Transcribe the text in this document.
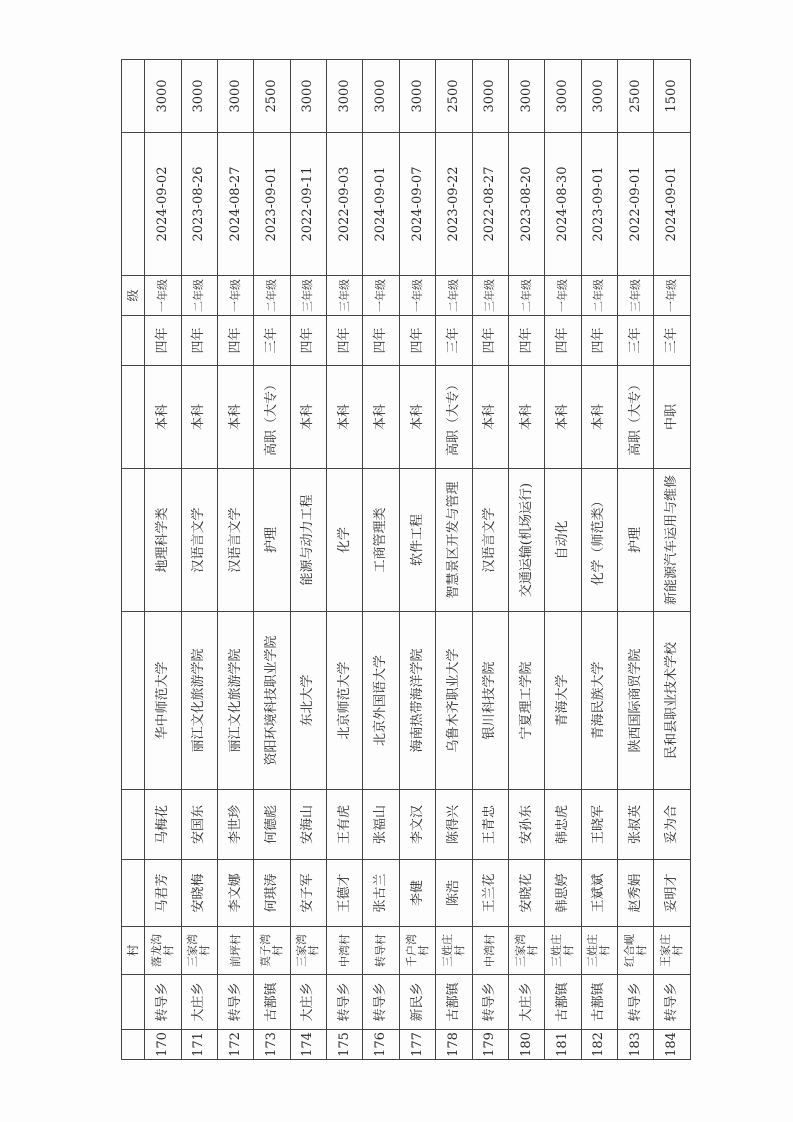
		村							级		
170	转导乡	落龙沟村	马君芳	马梅花	华中师范大学	地理科学类	本科	四年	一年级	2024-09-02	3000
171	大庄乡	三家湾村	安晓梅	安国东	丽江文化旅游学院	汉语言文学	本科	四年	二年级	2023-08-26	3000
172	转导乡	前坪村	李文娜	李世珍	丽江文化旅游学院	汉语言文学	本科	四年	一年级	2024-08-27	3000
173	古鄯镇	莫子湾村	何琪涛	何德彪	资阳环境科技职业学院	护理	高职（大专）	三年	二年级	2023-09-01	2500
174	大庄乡	三家湾村	安子军	安海山	东北大学	能源与动力工程	本科	四年	三年级	2022-09-11	3000
175	转导乡	中湾村	王德才	王有虎	北京师范大学	化学	本科	四年	三年级	2022-09-03	3000
176	转导乡	转导村	张古兰	张福山	北京外国语大学	工商管理类	本科	四年	一年级	2024-09-01	3000
177	新民乡	千户湾村	李健	李文汉	海南热带海洋学院	软件工程	本科	四年	一年级	2024-09-07	3000
178	古鄯镇	三姓庄村	陈浩	陈得兴	乌鲁木齐职业大学	智慧景区开发与管理	高职（大专）	三年	二年级	2023-09-22	2500
179	转导乡	中湾村	王兰花	王青忠	银川科技学院	汉语言文学	本科	四年	三年级	2022-08-27	3000
180	大庄乡	三家湾村	安晓花	安孙东	宁夏理工学院	交通运输(机场运行)	本科	四年	二年级	2023-08-20	3000
181	古鄯镇	三姓庄村	韩思婷	韩忠虎	青海大学	自动化	本科	四年	一年级	2024-08-30	3000
182	古鄯镇	三姓庄村	王斌斌	王晓军	青海民族大学	化学（师范类）	本科	四年	二年级	2023-09-01	3000
183	转导乡	红合岘村	赵秀娟	张叔英	陕西国际商贸学院	护理	高职（大专）	三年	三年级	2022-09-01	2500
184	转导乡	王家庄村	妥明才	妥为合	民和县职业技术学校	新能源汽车运用与维修	中职	三年	一年级	2024-09-01	1500
